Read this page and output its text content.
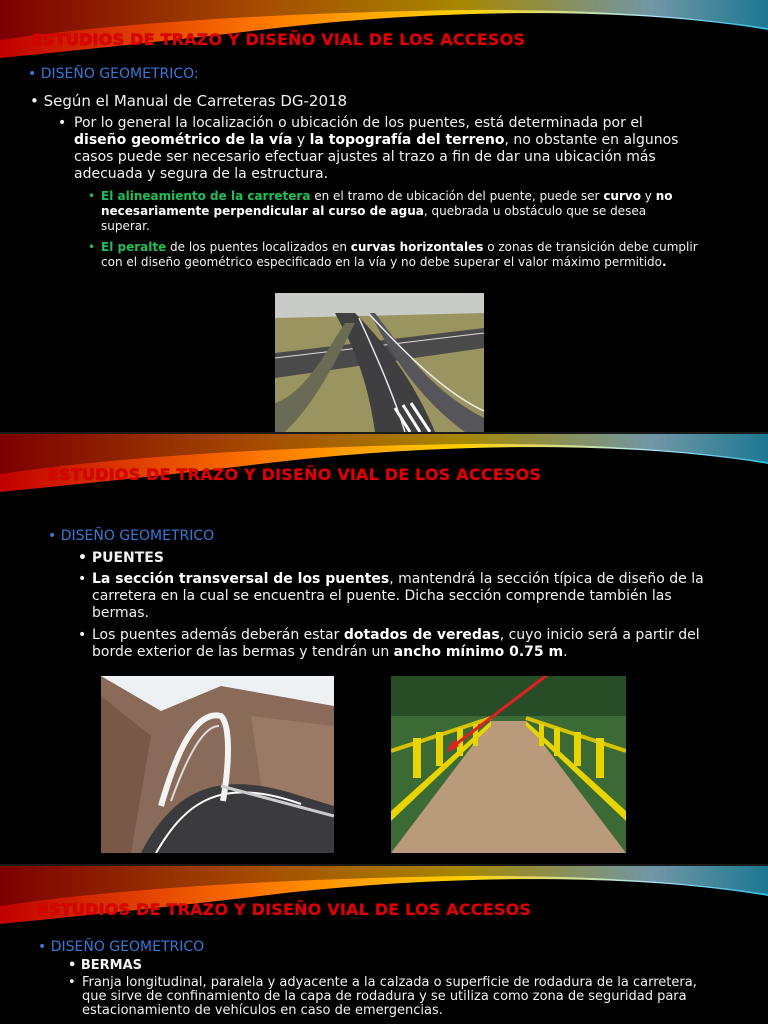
ESTUDIOS DE TRAZO Y DISEÑO VIAL DE LOS ACCESOS
• DISEÑO GEOMETRICO:
• Según el Manual de Carreteras DG-2018
• Por lo general la localización o ubicación de los puentes, está determinada por el diseño geométrico de la vía y la topografía del terreno, no obstante en algunos casos puede ser necesario efectuar ajustes al trazo a fin de dar una ubicación más adecuada y segura de la estructura.
• El alineamiento de la carretera en el tramo de ubicación del puente, puede ser curvo y no necesariamente perpendicular al curso de agua, quebrada u obstáculo que se desea superar.
• El peralte de los puentes localizados en curvas horizontales o zonas de transición debe cumplir con el diseño geométrico especificado en la vía y no debe superar el valor máximo permitido.
ESTUDIOS DE TRAZO Y DISEÑO VIAL DE LOS ACCESOS
• DISEÑO GEOMETRICO
• PUENTES
• La sección transversal de los puentes, mantendrá la sección típica de diseño de la carretera en la cual se encuentra el puente. Dicha sección comprende también las bermas.
• Los puentes además deberán estar dotados de veredas, cuyo inicio será a partir del borde exterior de las bermas y tendrán un ancho mínimo 0.75 m.
ESTUDIOS DE TRAZO Y DISEÑO VIAL DE LOS ACCESOS
• DISEÑO GEOMETRICO
• BERMAS
• Franja longitudinal, paralela y adyacente a la calzada o superficie de rodadura de la carretera, que sirve de confinamiento de la capa de rodadura y se utiliza como zona de seguridad para estacionamiento de vehículos en caso de emergencias.
